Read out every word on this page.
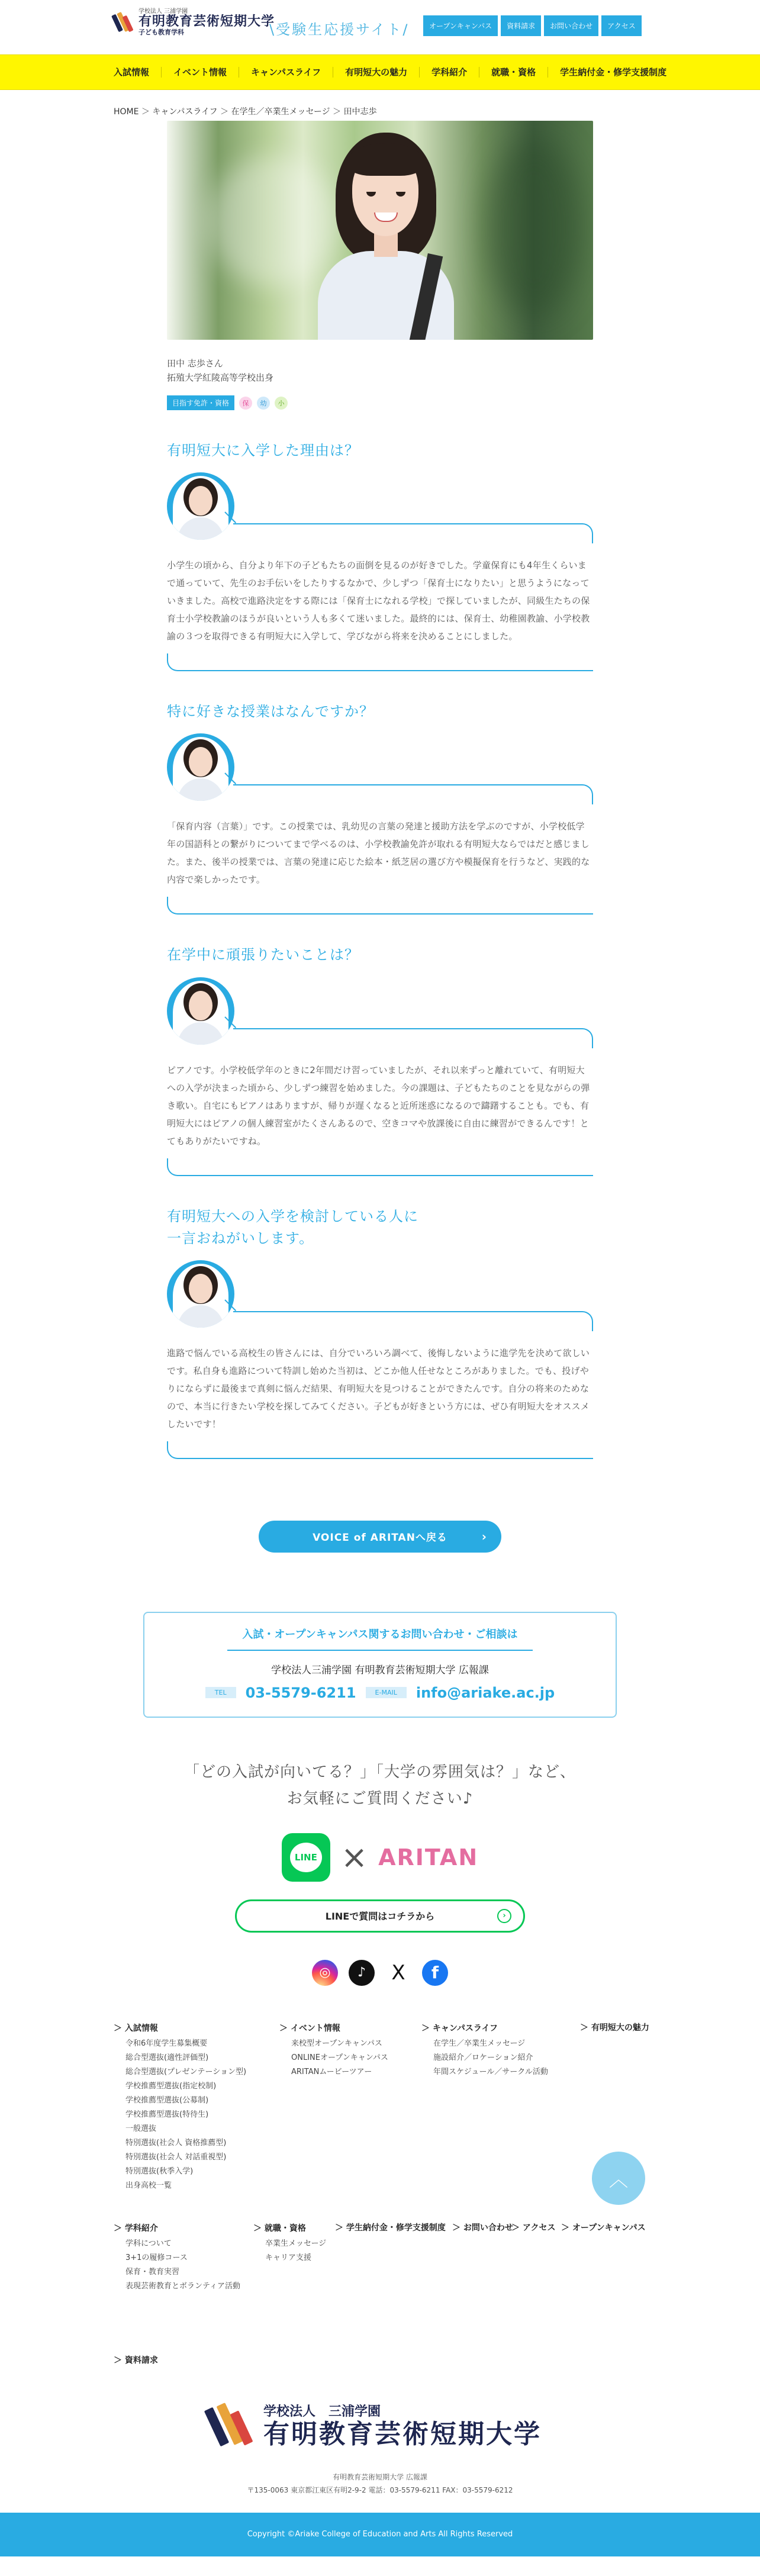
学校法人 三浦学園
有明教育芸術短期大学
子ども教育学科	\受験生応援サイト/	オープンキャンパス	資料請求	お問い合わせ	アクセス
入試情報	イベント情報	キャンパスライフ	有明短大の魅力	学科紹介	就職・資格	学生納付金・修学支援制度
HOME ＞ キャンパスライフ ＞ 在学生／卒業生メッセージ ＞ 田中志歩
田中 志歩さん
拓殖大学紅陵高等学校出身
目指す免許・資格	保	幼	小
有明短大に入学した理由は？

小学生の頃から、自分より年下の子どもたちの面倒を見るのが好きでした。学童保育にも4年生くらいまで通っていて、先生のお手伝いをしたりするなかで、少しずつ「保育士になりたい」と思うようになっていきました。高校で進路決定をする際には「保育士になれる学校」で探していましたが、同級生たちの保育士小学校教諭のほうが良いという人も多くて迷いました。最終的には、保育士、幼稚園教諭、小学校教諭の３つを取得できる有明短大に入学して、学びながら将来を決めることにしました。

特に好きな授業はなんですか？

「保育内容（言葉）」です。この授業では、乳幼児の言葉の発達と援助方法を学ぶのですが、小学校低学年の国語科との繋がりについてまで学べるのは、小学校教諭免許が取れる有明短大ならではだと感じました。また、後半の授業では、言葉の発達に応じた絵本・紙芝居の選び方や模擬保育を行うなど、実践的な内容で楽しかったです。

在学中に頑張りたいことは？

ピアノです。小学校低学年のときに2年間だけ習っていましたが、それ以来ずっと離れていて、有明短大への入学が決まった頃から、少しずつ練習を始めました。今の課題は、子どもたちのことを見ながらの弾き歌い。自宅にもピアノはありますが、帰りが遅くなると近所迷惑になるので躊躇することも。でも、有明短大にはピアノの個人練習室がたくさんあるので、空きコマや放課後に自由に練習ができるんです！とてもありがたいですね。

有明短大への入学を検討している人に
一言おねがいします。

進路で悩んでいる高校生の皆さんには、自分でいろいろ調べて、後悔しないように進学先を決めて欲しいです。私自身も進路について特訓し始めた当初は、どこか他人任せなところがありました。でも、投げやりにならずに最後まで真剣に悩んだ結果、有明短大を見つけることができたんです。自分の将来のためなので、本当に行きたい学校を探してみてください。子どもが好きという方には、ぜひ有明短大をオススメしたいです！

VOICE of ARITANへ戻る	›
入試・オープンキャンパス関するお問い合わせ・ご相談は
学校法人三浦学園 有明教育芸術短期大学 広報課
TEL	03-5579-6211	E-MAIL	info@ariake.ac.jp
「どの入試が向いてる？」「大学の雰囲気は？」など、
お気軽にご質問ください♪
LINE × ARITAN
LINEで質問はコチラから	›
◎	♪	X	f
＞ 入試情報
令和6年度学生募集概要
総合型選抜(適性評価型)
総合型選抜(プレゼンテーション型)
学校推薦型選抜(指定校制)
学校推薦型選抜(公募制)
学校推薦型選抜(特待生)
一般選抜
特別選抜(社会人 資格推薦型)
特別選抜(社会人 対話重視型)
特別選抜(秋季入学)
出身高校一覧
＞ イベント情報
来校型オープンキャンパス
ONLINEオープンキャンパス
ARITANムービーツアー
＞ キャンパスライフ
在学生／卒業生メッセージ
施設紹介／ロケーション紹介
年間スケジュール／サークル活動
＞ 有明短大の魅力
＞ 学科紹介
学科について
3+1の履修コース
保育・教育実習
表現芸術教育とボランティア活動
＞ 就職・資格
卒業生メッセージ
キャリア支援
＞ 学生納付金・修学支援制度 ＞ お問い合わせ
＞ アクセス ＞ オープンキャンパス
＞ 資料請求
︿
学校法人　三浦学園
有明教育芸術短期大学
有明教育芸術短期大学 広報課
〒135-0063 東京都江東区有明2-9-2 電話：03-5579-6211 FAX：03-5579-6212
Copyright ©Ariake College of Education and Arts All Rights Reserved
